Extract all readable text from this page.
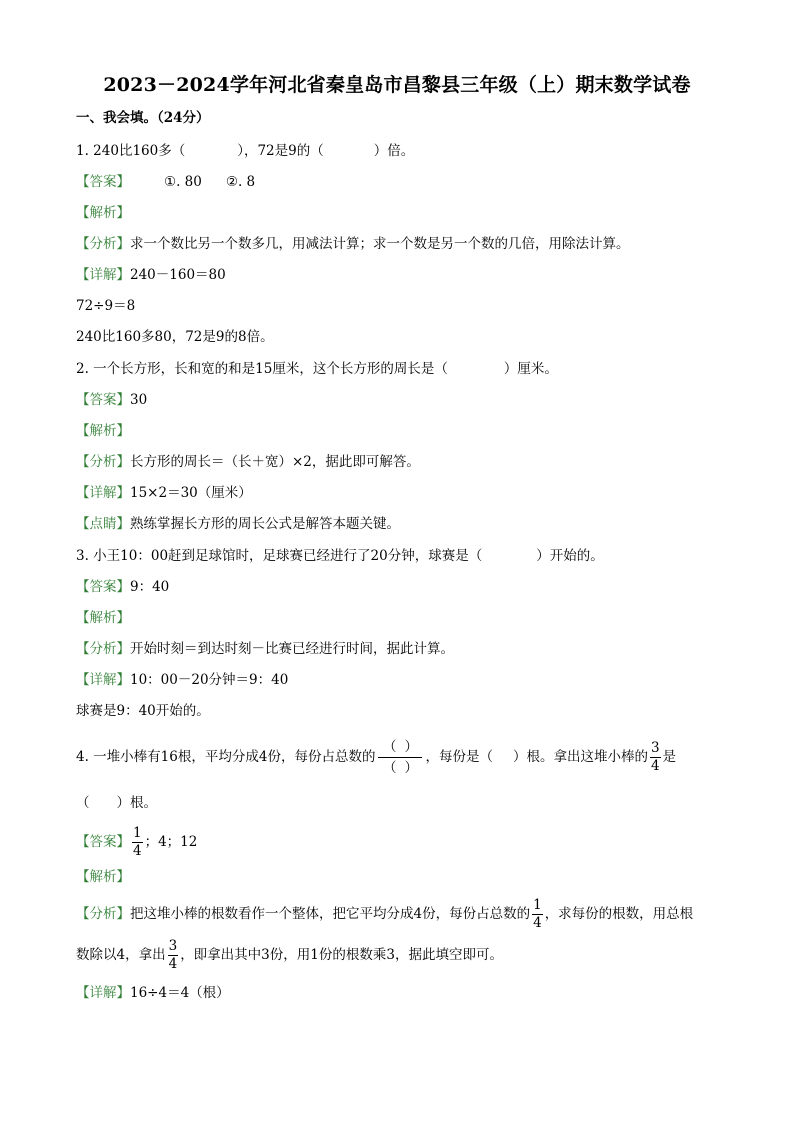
2023－2024学年河北省秦皇岛市昌黎县三年级（上）期末数学试卷
一、我会填。（24分）
1. 240比160多（	），72是9的（	）倍。
【答案】	①. 80 ②. 8
【解析】
【分析】求一个数比另一个数多几，用减法计算；求一个数是另一个数的几倍，用除法计算。
【详解】240－160＝80
72÷9＝8
240比160多80，72是9的8倍。
2. 一个长方形，长和宽的和是15厘米，这个长方形的周长是（	）厘米。
【答案】30
【解析】
【分析】长方形的周长＝（长＋宽）×2，据此即可解答。
【详解】15×2＝30（厘米）
【点睛】熟练掌握长方形的周长公式是解答本题关键。
3. 小王10：00赶到足球馆时，足球赛已经进行了20分钟，球赛是（	）开始的。
【答案】9：40
【解析】
【分析】开始时刻＝到达时刻－比赛已经进行时间，据此计算。
【详解】10：00－20分钟＝9：40
球赛是9：40开始的。
4. 一堆小棒有16根，平均分成4份，每份占总数的
（ ）
（ ）
，每份是（ ）根。拿出这堆小棒的 $\frac{3}{4}$ 是
（　　）根。
【答案】 $\frac{1}{4}$ ；4；12
【解析】
【分析】把这堆小棒的根数看作一个整体，把它平均分成4份，每份占总数的 $\frac{1}{4}$ ，求每份的根数，用总根
数除以4，拿出 $\frac{3}{4}$ ，即拿出其中3份，用1份的根数乘3，据此填空即可。
【详解】16÷4＝4（根）
